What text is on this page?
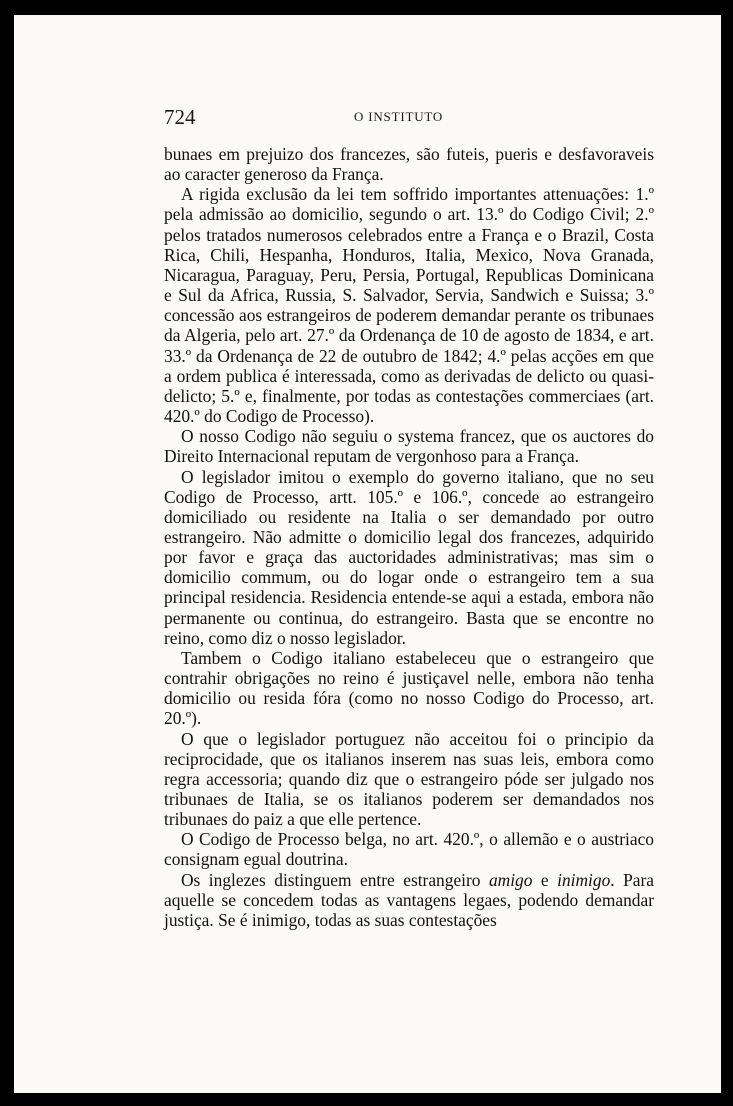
724	O INSTITUTO

bunaes em prejuizo dos francezes, são futeis, pueris e desfavoraveis ao caracter generoso da França.

A rigida exclusão da lei tem soffrido importantes attenuações: 1.º pela admissão ao domicilio, segundo o art. 13.º do Codigo Civil; 2.º pelos tratados numerosos celebrados entre a França e o Brazil, Costa Rica, Chili, Hespanha, Honduros, Italia, Mexico, Nova Granada, Nicaragua, Paraguay, Peru, Persia, Portugal, Republicas Dominicana e Sul da Africa, Russia, S. Salvador, Servia, Sandwich e Suissa; 3.º concessão aos estrangeiros de poderem demandar perante os tribunaes da Algeria, pelo art. 27.º da Ordenança de 10 de agosto de 1834, e art. 33.º da Ordenança de 22 de outubro de 1842; 4.º pelas acções em que a ordem publica é interessada, como as derivadas de delicto ou quasi-delicto; 5.º e, finalmente, por todas as contestações commerciaes (art. 420.º do Codigo de Processo).

O nosso Codigo não seguiu o systema francez, que os auctores do Direito Internacional reputam de vergonhoso para a França.

O legislador imitou o exemplo do governo italiano, que no seu Codigo de Processo, artt. 105.º e 106.º, concede ao estrangeiro domiciliado ou residente na Italia o ser demandado por outro estrangeiro. Não admitte o domicilio legal dos francezes, adquirido por favor e graça das auctoridades administrativas; mas sim o domicilio commum, ou do logar onde o estrangeiro tem a sua principal residencia. Residencia entende-se aqui a estada, embora não permanente ou continua, do estrangeiro. Basta que se encontre no reino, como diz o nosso legislador.

Tambem o Codigo italiano estabeleceu que o estrangeiro que contrahir obrigações no reino é justiçavel nelle, embora não tenha domicilio ou resida fóra (como no nosso Codigo do Processo, art. 20.º).

O que o legislador portuguez não acceitou foi o principio da reciprocidade, que os italianos inserem nas suas leis, embora como regra accessoria; quando diz que o estrangeiro póde ser julgado nos tribunaes de Italia, se os italianos poderem ser demandados nos tribunaes do paiz a que elle pertence.

O Codigo de Processo belga, no art. 420.º, o allemão e o austriaco consignam egual doutrina.

Os inglezes distinguem entre estrangeiro amigo e inimigo. Para aquelle se concedem todas as vantagens legaes, podendo demandar justiça. Se é inimigo, todas as suas contestações
